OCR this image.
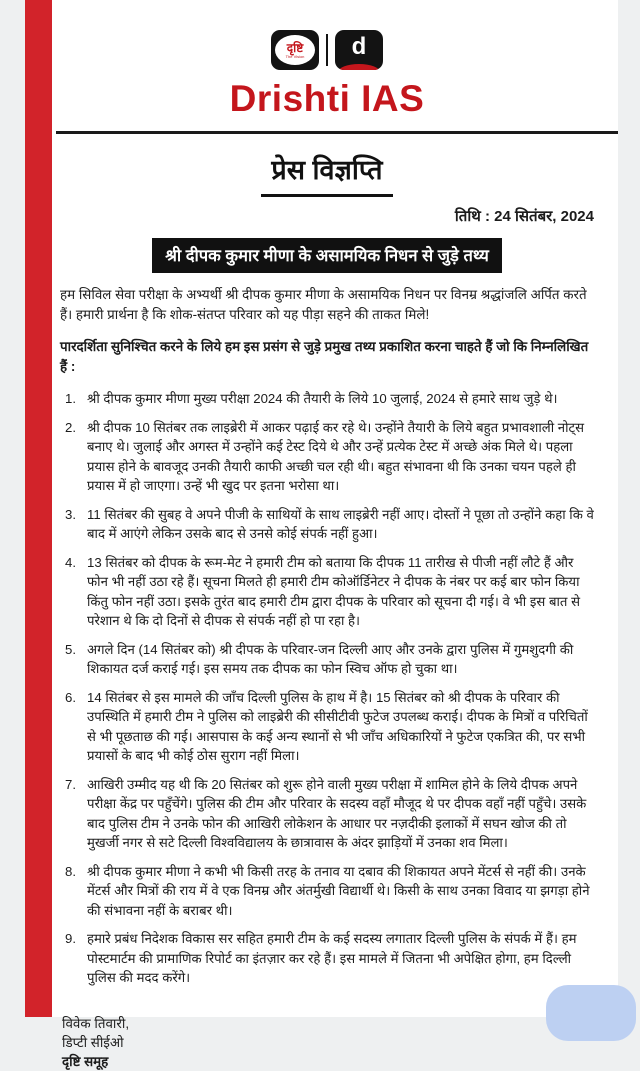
दृष्टि
The Vision d
Drishti IAS
प्रेस विज्ञप्ति
तिथि : 24 सितंबर, 2024
श्री दीपक कुमार मीणा के असामयिक निधन से जुड़े तथ्य

हम सिविल सेवा परीक्षा के अभ्यर्थी श्री दीपक कुमार मीणा के असामयिक निधन पर विनम्र श्रद्धांजलि अर्पित करते हैं। हमारी प्रार्थना है कि शोक-संतप्त परिवार को यह पीड़ा सहने की ताकत मिले!

पारदर्शिता सुनिश्चित करने के लिये हम इस प्रसंग से जुड़े प्रमुख तथ्य प्रकाशित करना चाहते हैं जो कि निम्नलिखित हैं :

1. श्री दीपक कुमार मीणा मुख्य परीक्षा 2024 की तैयारी के लिये 10 जुलाई, 2024 से हमारे साथ जुड़े थे।
2. श्री दीपक 10 सितंबर तक लाइब्रेरी में आकर पढ़ाई कर रहे थे। उन्होंने तैयारी के लिये बहुत प्रभावशाली नोट्स बनाए थे। जुलाई और अगस्त में उन्होंने कई टेस्ट दिये थे और उन्हें प्रत्येक टेस्ट में अच्छे अंक मिले थे। पहला प्रयास होने के बावजूद उनकी तैयारी काफी अच्छी चल रही थी। बहुत संभावना थी कि उनका चयन पहले ही प्रयास में हो जाएगा। उन्हें भी खुद पर इतना भरोसा था।
3. 11 सितंबर की सुबह वे अपने पीजी के साथियों के साथ लाइब्रेरी नहीं आए। दोस्तों ने पूछा तो उन्होंने कहा कि वे बाद में आएंगे लेकिन उसके बाद से उनसे कोई संपर्क नहीं हुआ।
4. 13 सितंबर को दीपक के रूम-मेट ने हमारी टीम को बताया कि दीपक 11 तारीख से पीजी नहीं लौटे हैं और फोन भी नहीं उठा रहे हैं। सूचना मिलते ही हमारी टीम कोऑर्डिनेटर ने दीपक के नंबर पर कई बार फोन किया किंतु फोन नहीं उठा। इसके तुरंत बाद हमारी टीम द्वारा दीपक के परिवार को सूचना दी गई। वे भी इस बात से परेशान थे कि दो दिनों से दीपक से संपर्क नहीं हो पा रहा है।
5. अगले दिन (14 सितंबर को) श्री दीपक के परिवार-जन दिल्ली आए और उनके द्वारा पुलिस में गुमशुदगी की शिकायत दर्ज कराई गई। इस समय तक दीपक का फोन स्विच ऑफ हो चुका था।
6. 14 सितंबर से इस मामले की जाँच दिल्ली पुलिस के हाथ में है। 15 सितंबर को श्री दीपक के परिवार की उपस्थिति में हमारी टीम ने पुलिस को लाइब्रेरी की सीसीटीवी फुटेज उपलब्ध कराई। दीपक के मित्रों व परिचितों से भी पूछताछ की गई। आसपास के कई अन्य स्थानों से भी जाँच अधिकारियों ने फुटेज एकत्रित की, पर सभी प्रयासों के बाद भी कोई ठोस सुराग नहीं मिला।
7. आखिरी उम्मीद यह थी कि 20 सितंबर को शुरू होने वाली मुख्य परीक्षा में शामिल होने के लिये दीपक अपने परीक्षा केंद्र पर पहुँचेंगे। पुलिस की टीम और परिवार के सदस्य वहाँ मौजूद थे पर दीपक वहाँ नहीं पहुँचे। उसके बाद पुलिस टीम ने उनके फोन की आखिरी लोकेशन के आधार पर नज़दीकी इलाकों में सघन खोज की तो मुखर्जी नगर से सटे दिल्ली विश्वविद्यालय के छात्रावास के अंदर झाड़ियों में उनका शव मिला।
8. श्री दीपक कुमार मीणा ने कभी भी किसी तरह के तनाव या दबाव की शिकायत अपने मेंटर्स से नहीं की। उनके मेंटर्स और मित्रों की राय में वे एक विनम्र और अंतर्मुखी विद्यार्थी थे। किसी के साथ उनका विवाद या झगड़ा होने की संभावना नहीं के बराबर थी।
9. हमारे प्रबंध निदेशक विकास सर सहित हमारी टीम के कई सदस्य लगातार दिल्ली पुलिस के संपर्क में हैं। हम पोस्टमार्टम की प्रामाणिक रिपोर्ट का इंतज़ार कर रहे हैं। इस मामले में जितना भी अपेक्षित होगा, हम दिल्ली पुलिस की मदद करेंगे।
विवेक तिवारी,
डिप्टी सीईओ
दृष्टि समूह
